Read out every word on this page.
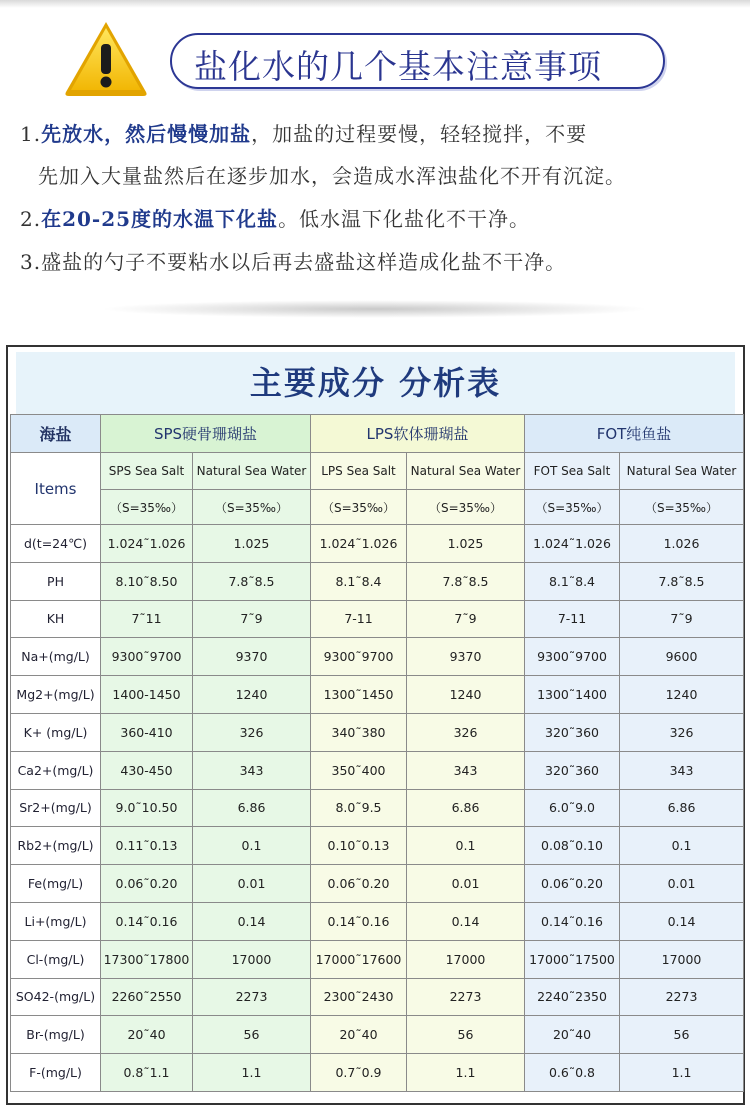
盐化水的几个基本注意事项
1.先放水，然后慢慢加盐，加盐的过程要慢，轻轻搅拌，不要
先加入大量盐然后在逐步加水，会造成水浑浊盐化不开有沉淀。
2.在20-25度的水温下化盐。低水温下化盐化不干净。
3.盛盐的勺子不要粘水以后再去盛盐这样造成化盐不干净。
主要成分 分析表
海盐	SPS硬骨珊瑚盐		LPS软体珊瑚盐		FOT纯鱼盐	
Items	SPS Sea Salt	Natural Sea Water	LPS Sea Salt	Natural Sea Water	FOT Sea Salt	Natural Sea Water
	（S=35‰）	（S=35‰）	（S=35‰）	（S=35‰）	（S=35‰）	（S=35‰）
d(t=24℃)	1.024˜1.026	1.025	1.024˜1.026	1.025	1.024˜1.026	1.026
PH	8.10˜8.50	7.8˜8.5	8.1˜8.4	7.8˜8.5	8.1˜8.4	7.8˜8.5
KH	7˜11	7˜9	7-11	7˜9	7-11	7˜9
Na+(mg/L)	9300˜9700	9370	9300˜9700	9370	9300˜9700	9600
Mg2+(mg/L)	1400-1450	1240	1300˜1450	1240	1300˜1400	1240
K+ (mg/L)	360-410	326	340˜380	326	320˜360	326
Ca2+(mg/L)	430-450	343	350˜400	343	320˜360	343
Sr2+(mg/L)	9.0˜10.50	6.86	8.0˜9.5	6.86	6.0˜9.0	6.86
Rb2+(mg/L)	0.11˜0.13	0.1	0.10˜0.13	0.1	0.08˜0.10	0.1
Fe(mg/L)	0.06˜0.20	0.01	0.06˜0.20	0.01	0.06˜0.20	0.01
Li+(mg/L)	0.14˜0.16	0.14	0.14˜0.16	0.14	0.14˜0.16	0.14
Cl-(mg/L)	17300˜17800	17000	17000˜17600	17000	17000˜17500	17000
SO42-(mg/L)	2260˜2550	2273	2300˜2430	2273	2240˜2350	2273
Br-(mg/L)	20˜40	56	20˜40	56	20˜40	56
F-(mg/L)	0.8˜1.1	1.1	0.7˜0.9	1.1	0.6˜0.8	1.1
